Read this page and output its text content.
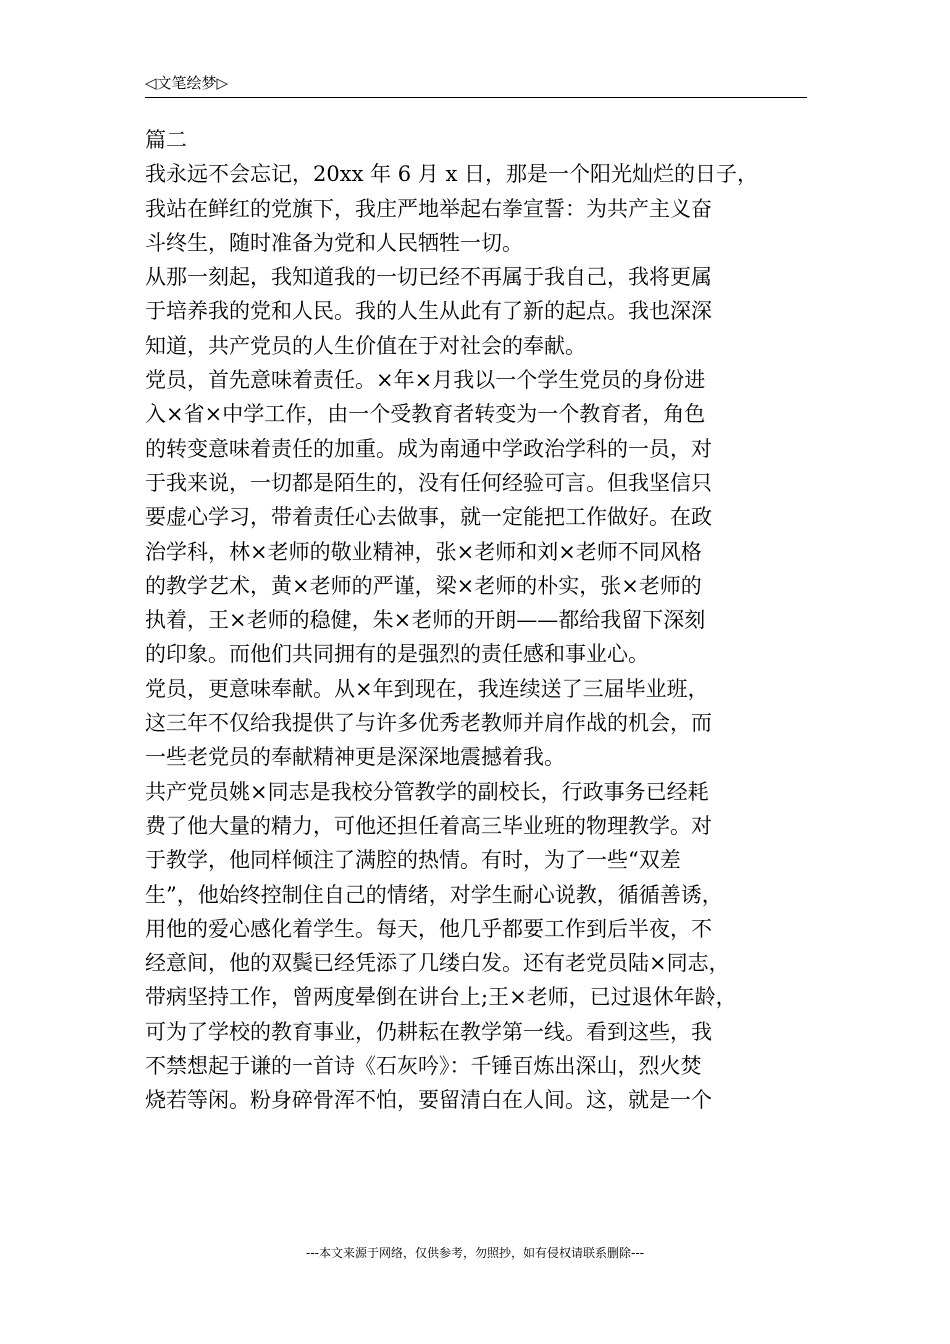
◁文笔绘梦▷
篇二
我永远不会忘记，20xx 年 6 月 x 日，那是一个阳光灿烂的日子，
我站在鲜红的党旗下，我庄严地举起右拳宣誓：为共产主义奋
斗终生，随时准备为党和人民牺牲一切。
从那一刻起，我知道我的一切已经不再属于我自己，我将更属
于培养我的党和人民。我的人生从此有了新的起点。我也深深
知道，共产党员的人生价值在于对社会的奉献。
党员，首先意味着责任。×年×月我以一个学生党员的身份进
入×省×中学工作，由一个受教育者转变为一个教育者，角色
的转变意味着责任的加重。成为南通中学政治学科的一员，对
于我来说，一切都是陌生的，没有任何经验可言。但我坚信只
要虚心学习，带着责任心去做事，就一定能把工作做好。在政
治学科，林×老师的敬业精神，张×老师和刘×老师不同风格
的教学艺术，黄×老师的严谨，梁×老师的朴实，张×老师的
执着，王×老师的稳健，朱×老师的开朗——都给我留下深刻
的印象。而他们共同拥有的是强烈的责任感和事业心。
党员，更意味奉献。从×年到现在，我连续送了三届毕业班，
这三年不仅给我提供了与许多优秀老教师并肩作战的机会，而
一些老党员的奉献精神更是深深地震撼着我。
共产党员姚×同志是我校分管教学的副校长，行政事务已经耗
费了他大量的精力，可他还担任着高三毕业班的物理教学。对
于教学，他同样倾注了满腔的热情。有时，为了一些“双差
生”，他始终控制住自己的情绪，对学生耐心说教，循循善诱，
用他的爱心感化着学生。每天，他几乎都要工作到后半夜，不
经意间，他的双鬓已经凭添了几缕白发。还有老党员陆×同志，
带病坚持工作，曾两度晕倒在讲台上;王×老师，已过退休年龄，
可为了学校的教育事业，仍耕耘在教学第一线。看到这些，我
不禁想起于谦的一首诗《石灰吟》：千锤百炼出深山，烈火焚
烧若等闲。粉身碎骨浑不怕，要留清白在人间。这，就是一个
---本文来源于网络，仅供参考，勿照抄，如有侵权请联系删除---
